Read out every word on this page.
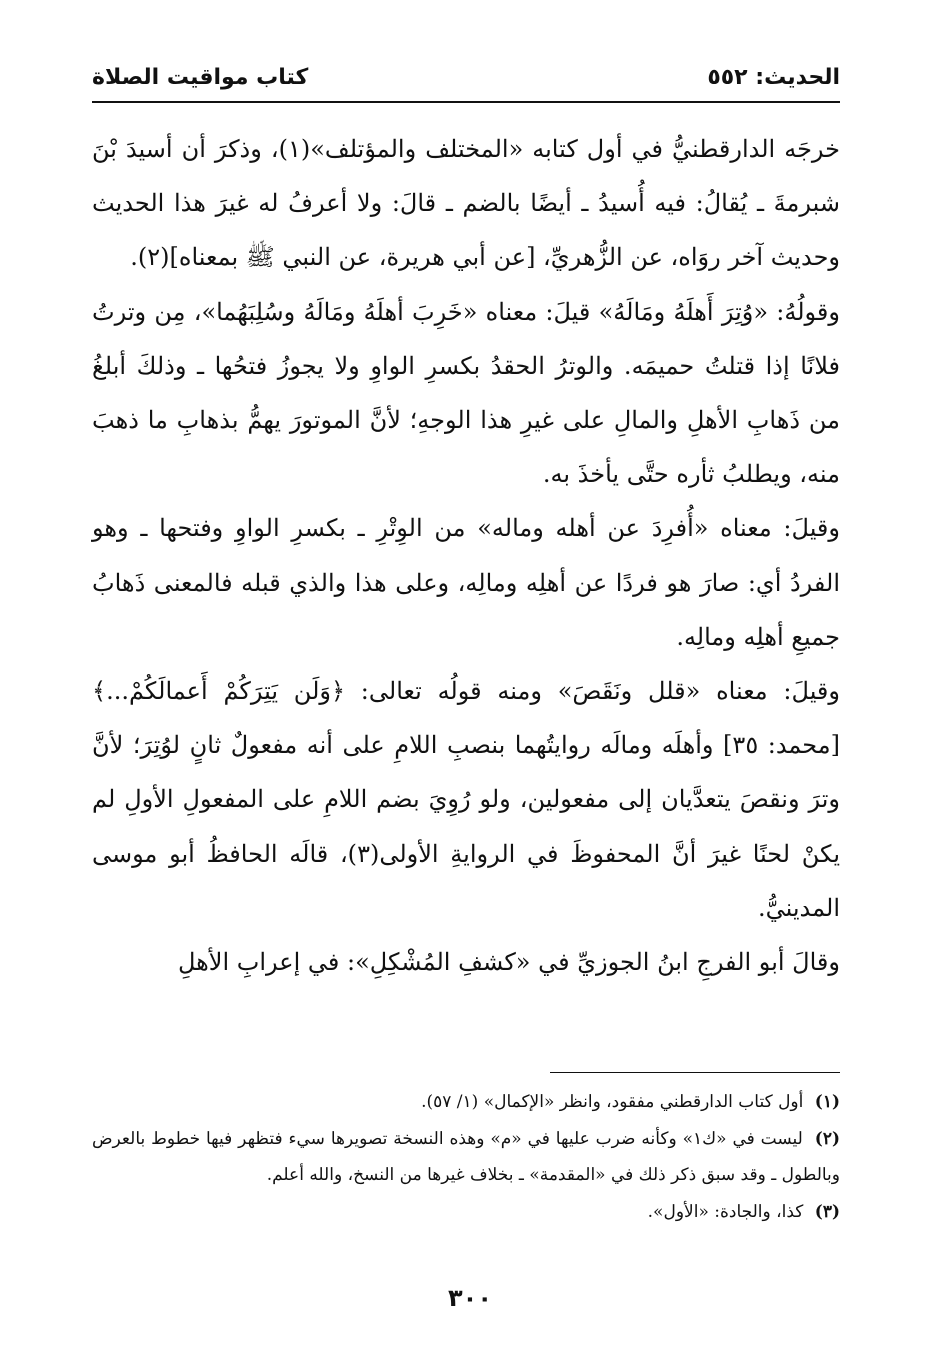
الحديث: ٥٥٢
كتاب مواقيت الصلاة

خرجَه الدارقطنيُّ في أول كتابه «المختلف والمؤتلف»(١)، وذكرَ أن أسيدَ بْنَ شبرمةَ ـ يُقالُ: فيه أُسيدُ ـ أيضًا بالضم ـ قالَ: ولا أعرفُ له غيرَ هذا الحديث وحديث آخر روَاه، عن الزُّهريِّ، [عن أبي هريرة، عن النبي ﷺ بمعناه](٢).

وقولُهُ: «وُتِرَ أَهلَهُ ومَالَهُ» قيلَ: معناه «خَرِبَ أهلَهُ ومَالَهُ وسُلِبَهُما»، مِن وترتُ فلانًا إذا قتلتُ حميمَه. والوترُ الحقدُ بكسرِ الواوِ ولا يجوزُ فتحُها ـ وذلكَ أبلغُ من ذَهابِ الأهلِ والمالِ على غيرِ هذا الوجهِ؛ لأنَّ الموتورَ يهمُّ بذهابِ ما ذهبَ منه، ويطلبُ ثأره حتَّى يأخذَ به.

وقيلَ: معناه «أُفرِدَ عن أهله وماله» من الوِتْرِ ـ بكسرِ الواوِ وفتحها ـ وهو الفردُ أي: صارَ هو فردًا عن أهلِه ومالِه، وعلى هذا والذي قبله فالمعنى ذَهابُ جميعِ أهلِه ومالِه.

وقيلَ: معناه «قلل ونَقَصَ» ومنه قولُه تعالى: ﴿وَلَن يَتِرَكُمْ أَعمالَكُمْ...﴾ [محمد: ٣٥] وأهلَه ومالَه روايتُهما بنصبِ اللامِ على أنه مفعولٌ ثانٍ لوُتِرَ؛ لأنَّ وترَ ونقصَ يتعدَّيان إلى مفعولين، ولو رُوِيَ بضم اللامِ على المفعولِ الأولِ لم يكنْ لحنًا غيرَ أنَّ المحفوظَ في الروايةِ الأولى(٣)، قالَه الحافظُ أبو موسى المدينيُّ.

وقالَ أبو الفرجِ ابنُ الجوزيِّ في «كشفِ المُشْكِلِ»: في إعرابِ الأهلِ

(١) أول كتاب الدارقطني مفقود، وانظر «الإكمال» (١/ ٥٧).

(٢) ليست في «ك١» وكأنه ضرب عليها في «م» وهذه النسخة تصويرها سيء فتظهر فيها خطوط بالعرض وبالطول ـ وقد سبق ذكر ذلك في «المقدمة» ـ بخلاف غيرها من النسخ، والله أعلم.

(٣) كذا، والجادة: «الأول».

٣٠٠
